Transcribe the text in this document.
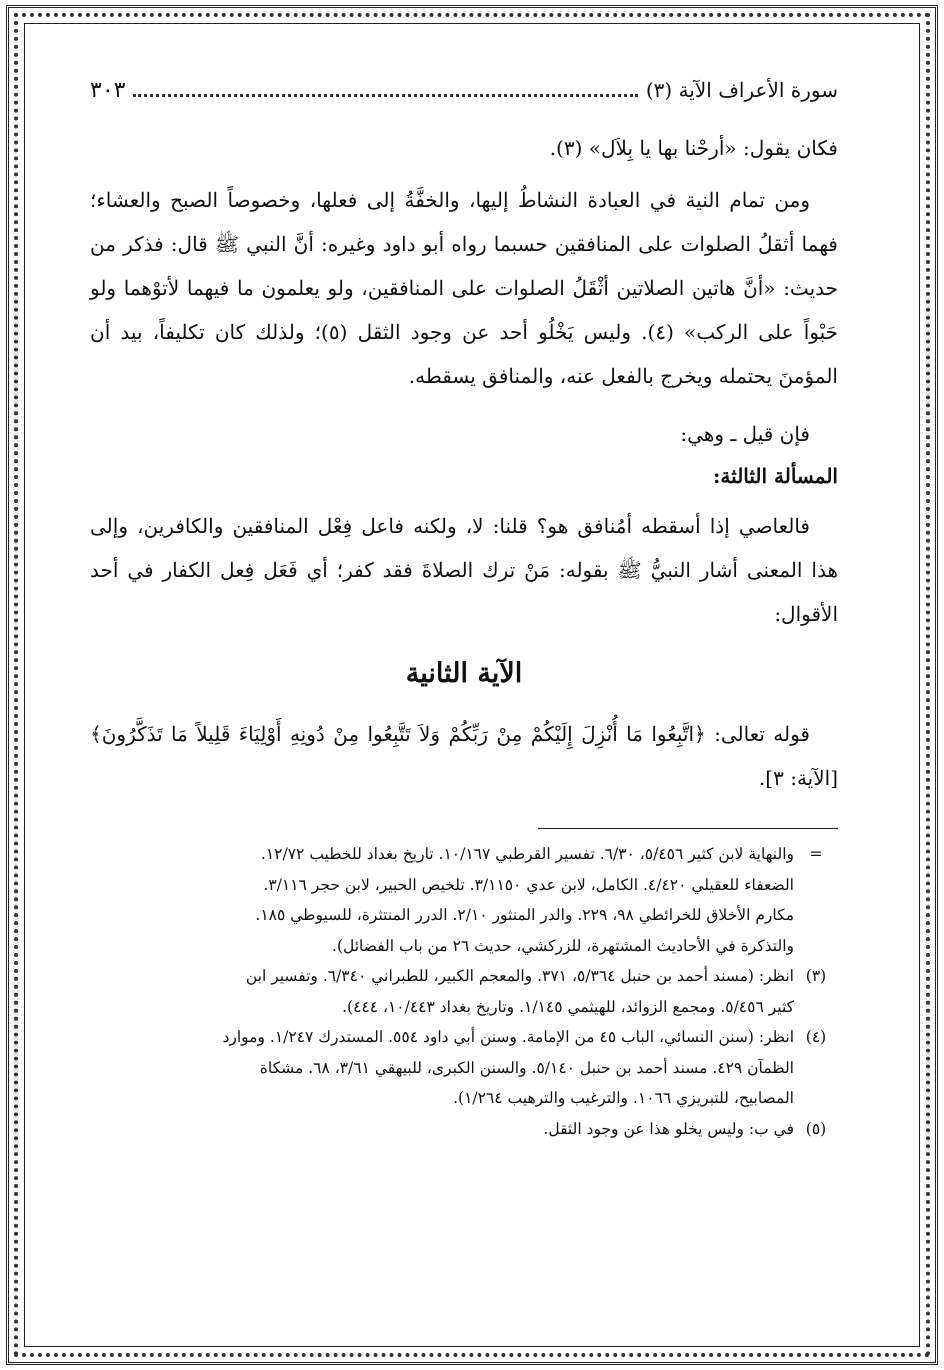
سورة الأعراف الآية (٣)
٣٠٣

فكان يقول: «أرحْنا بها يا بِلاَل» (٣).

ومن تمام النية في العبادة النشاطُ إليها، والخفَّةُ إلى فعلها، وخصوصاً الصبح والعشاء؛ فهما أثقلُ الصلوات على المنافقين حسبما رواه أبو داود وغيره: أنَّ النبي ﷺ قال: فذكر من حديث: «أنَّ هاتين الصلاتين أثْقَلُ الصلوات على المنافقين، ولو يعلمون ما فيهما لأتوْهما ولو حَبْواً على الركب» (٤). وليس يَخْلُو أحد عن وجود الثقل (٥)؛ ولذلك كان تكليفاً، بيد أن المؤمنَ يحتمله ويخرج بالفعل عنه، والمنافق يسقطه.

فإن قيل ـ وهي:

المسألة الثالثة:

فالعاصي إذا أسقطه أمُنافق هو؟ قلنا: لا، ولكنه فاعل فِعْل المنافقين والكافرين، وإلى هذا المعنى أشار النبيُّ ﷺ بقوله: مَنْ ترك الصلاةَ فقد كفر؛ أي فَعَل فِعل الكفار في أحد الأقوال:

الآية الثانية

قوله تعالى: ﴿اتَّبِعُوا مَا أُنْزِلَ إِلَيْكُمْ مِنْ رَبِّكُمْ وَلاَ تَتَّبِعُوا مِنْ دُونِهِ أَوْلِيَاءَ قَلِيلاً مَا تَذَكَّرُونَ﴾ [الآية: ٣].

=
والنهاية لابن كثير ٥/٤٥٦، ٦/٣٠. تفسير القرطبي ١٠/١٦٧. تاريخ بغداد للخطيب ١٢/٧٢.
الضعفاء للعقيلي ٤/٤٢٠. الكامل، لابن عدي ٣/١١٥٠. تلخيص الحبير، لابن حجر ٣/١١٦.
مكارم الأخلاق للخرائطي ٩٨، ٢٢٩. والدر المنثور ٢/١٠. الدرر المنتثرة، للسيوطي ١٨٥.
والتذكرة في الأحاديث المشتهرة، للزركشي، حديث ٢٦ من باب الفضائل).
(٣)
انظر: (مسند أحمد بن حنبل ٥/٣٦٤، ٣٧١. والمعجم الكبير، للطبراني ٦/٣٤٠. وتفسير ابن
كثير ٥/٤٥٦. ومجمع الزوائد، للهيثمي ١/١٤٥. وتاريخ بغداد ١٠/٤٤٣، ٤٤٤).
(٤)
انظر: (سنن النسائي، الباب ٤٥ من الإمامة. وسنن أبي داود ٥٥٤. المستدرك ١/٢٤٧. وموارد
الظمآن ٤٢٩. مسند أحمد بن حنبل ٥/١٤٠. والسنن الكبرى، للبيهقي ٣/٦١، ٦٨. مشكاة
المصابيح، للتبريزي ١٠٦٦. والترغيب والترهيب ١/٢٦٤).
(٥)
في ب: وليس يخلو هذا عن وجود الثقل.
